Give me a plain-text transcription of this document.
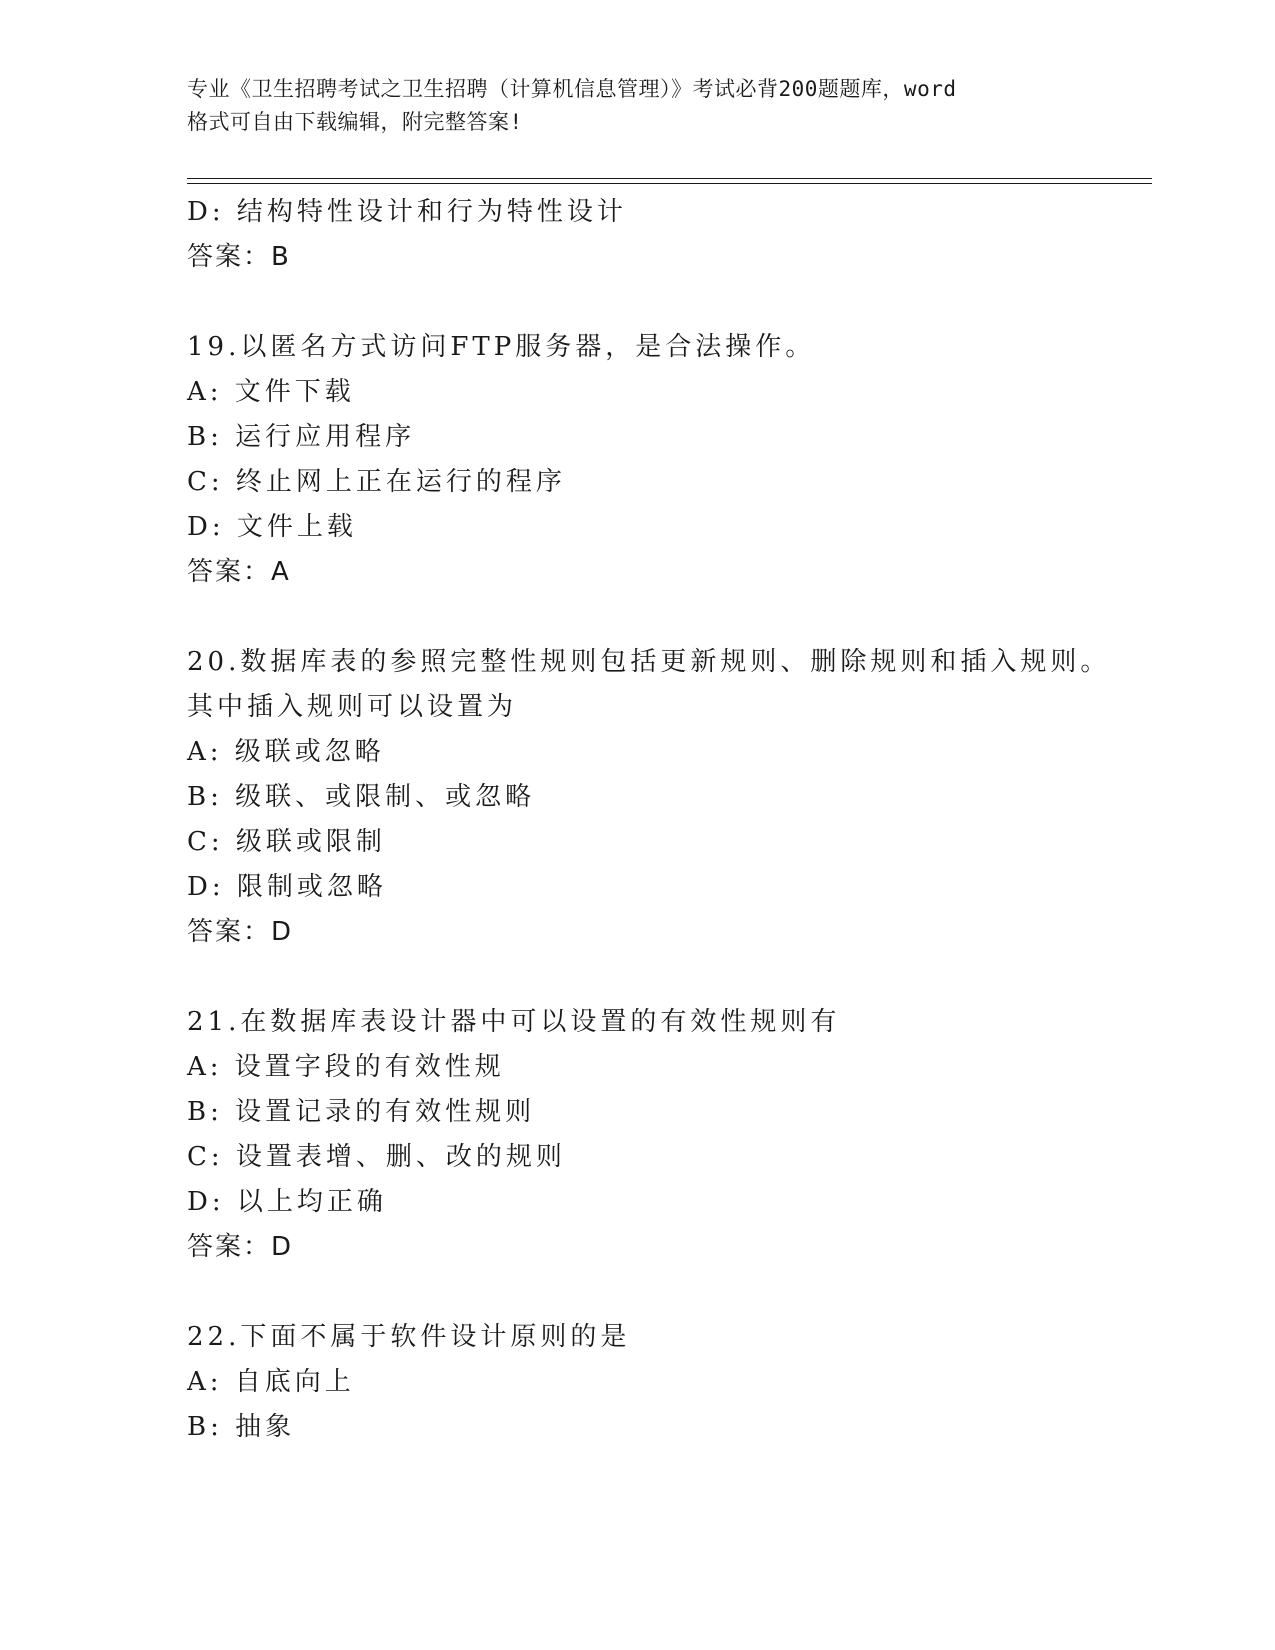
专业《卫生招聘考试之卫生招聘（计算机信息管理）》考试必背200题题库，word
格式可自由下载编辑，附完整答案!
D: 结构特性设计和行为特性设计
答案：B
19.以匿名方式访问FTP服务器，是合法操作。
A: 文件下载
B: 运行应用程序
C: 终止网上正在运行的程序
D: 文件上载
答案：A
20.数据库表的参照完整性规则包括更新规则、删除规则和插入规则。
其中插入规则可以设置为
A: 级联或忽略
B: 级联、或限制、或忽略
C: 级联或限制
D: 限制或忽略
答案：D
21.在数据库表设计器中可以设置的有效性规则有
A: 设置字段的有效性规
B: 设置记录的有效性规则
C: 设置表增、删、改的规则
D: 以上均正确
答案：D
22.下面不属于软件设计原则的是
A: 自底向上
B: 抽象
